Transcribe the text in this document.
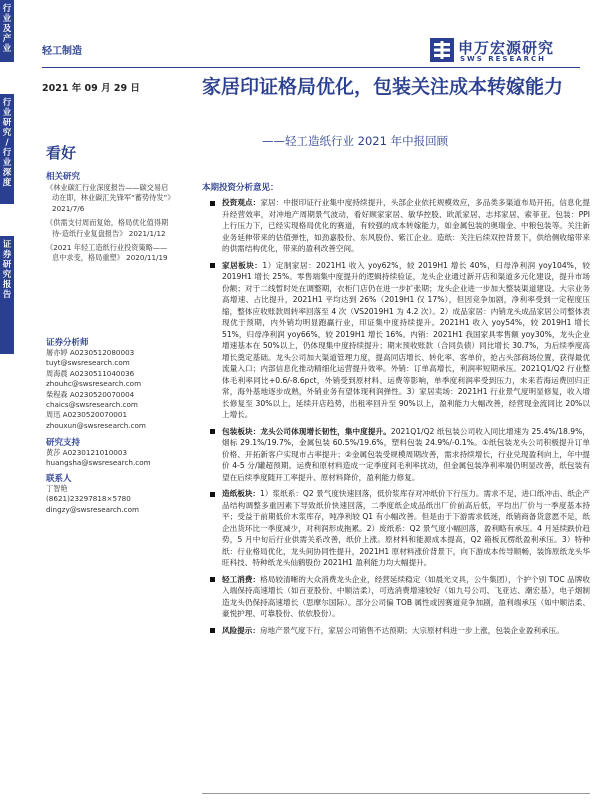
行
业
及
产
业
行
业
研
究
/
行
业
深
度
证
券
研
究
报
告
轻工制造	申万宏源研究
SWS RESEARCH
2021 年 09 月 29 日	家居印证格局优化，包装关注成本转嫁能力
——轻工造纸行业 2021 年中报回顾
看好
相关研究
《林业碳汇行业深度报告——碳交易启
动在即，林业碳汇先锋军“蓄势待发”》
2021/7/6
《供需支付周而复始，格局优化值得期
待-造纸行业复盘报告》 2021/1/12
《2021 年轻工造纸行业投资策略——
息中求变，格局重塑》 2020/11/19
证券分析师
屠亦婷 A0230512080003
tuyt@swsresearch.com
周海晨 A0230511040036
zhouhc@swsresearch.com
柴程森 A0230520070004
chaics@swsresearch.com
周迅 A0230520070001
zhouxun@swsresearch.com
研究支持
黄莎 A0230121010003
huangsha@swsresearch.com
联系人
丁智艳
(8621)23297818×5780
dingzy@swsresearch.com
本期投资分析意见：
投资观点：家居：中报印证行业集中度持续提升，头部企业依托规模效应，多品类多渠道布局开拓，信息化提升经营效率，对冲地产周期景气波动，看好顾家家居、敏华控股、欧派家居、志邦家居、索菲亚。包装：PPI 上行压力下，已经实现格局优化的赛道，有较强的成本转嫁能力，如金属包装的奥瑞金、中粮包装等。关注新业务延伸带来的估值弹性，如劲嘉股份、东风股份、紫江企业。造纸：关注后续双控背景下，供给侧收缩带来的供需结构优化，带来的盈利改善空间。
家居板块：1）定制家居：2021H1 收入 yoy62%，较 2019H1 增长 40%，归母净利润 yoy104%，较 2019H1 增长 25%。零售端集中度提升的逻辑持续验证，龙头企业通过新开店和渠道多元化建设，提升市场份额；对于二线暂时处在调整期，衣柜门店仍在进一步扩张期；龙头企业进一步加大整装渠道建设。大宗业务高增速、占比提升，2021H1 平均达到 26%（2019H1 仅 17%），但因竞争加剧，净利率受到一定程度压缩，整体应收账款周转率回落至 4 次（VS2019H1 为 4.2 次）。2）成品家居：内销龙头成品家居公司整体表现优于预期，内外销均明显跑赢行业，印证集中度持续提升。2021H1 收入 yoy54%，较 2019H1 增长 51%，归母净利润 yoy66%，较 2019H1 增长 16%。内销：2021H1 我国家具零售额 yoy30%，龙头企业增速基本在 50%以上，仍体现集中度持续提升；期末预收账款（合同负债）同比增长 30.7%，为后续季度高增长奠定基础。龙头公司加大渠道管理力度，提高同店增长、转化率、客单价，抢占头部商场位置，获得最优流量入口；内部信息化推动精细化运营提升效率。外销：订单高增长，利润率短期承压。2021Q1/Q2 行业整体毛利率同比+0.6/-8.6pct，外销受到原材料、运费等影响，单季度利润率受到压力，未来若海运费回归正常，海外基地逐步成熟，外销业务有望体现利润弹性。3）家居卖场：2021H1 行业景气度明显修复，收入增长修复至 30%以上，延续开店趋势，出租率回升至 90%以上，盈利能力大幅改善，经营现金流同比 20%以上增长。
包装板块：龙头公司体现增长韧性，集中度提升。2021Q1/Q2 纸包装公司收入同比增速为 25.4%/18.9%，烟标 29.1%/19.7%，金属包装 60.5%/19.6%，塑料包装 24.9%/-0.1%。①纸包装龙头公司积极提升订单价格、开拓新客户实现市占率提升；②金属包装受规模周期改善，需求持续增长，行业兑现盈利向上，年中提价 4-5 分/罐超预期。运费和原材料造成一定季度间毛利率扰动，但金属包装净利率端仍明显改善，纸包装有望在后续季度随开工率提升、原材料降价，盈利能力修复。
造纸板块：1）浆纸系：Q2 景气度快速回落，低价浆库存对冲纸价下行压力。需求不足，进口纸冲击、纸企产品结构调整多重因素下导致纸价快速回落，二季度纸企成品纸出厂价前高后低，平均出厂价与一季度基本持平；受益于前期低价木浆库存，吨净利较 Q1 有小幅改善。但是由于下游需求低迷，纸销商备货意愿不足，纸企出货环比一季度减少，对利润形成拖累。2）废纸系：Q2 景气度小幅回落，盈利略有承压。4 月延续跌价趋势，5 月中旬后行业供需关系改善，纸价上涨。原材料和能源成本提高，Q2 箱板瓦楞纸盈利承压。3）特种纸：行业格局优化，龙头间协同性提升，2021H1 原材料涨价背景下，向下游成本传导顺畅，装饰原纸龙头华旺科技、特种纸龙头仙鹤股份 2021H1 盈利能力均大幅提升。
轻工消费：格局较清晰的大众消费龙头企业，经营延续稳定（如晨光文具，公牛集团），个护个别 TOC 品牌收入端保持高速增长（如百亚股份、中顺洁柔），可选消费增速较好（如九号公司、飞亚达、潮宏基），电子烟制造龙头仍保持高速增长（思摩尔国际）。部分公司偏 TOB 属性或因赛道竞争加剧，盈利端承压（如中顺洁柔、豪悦护理、可靠股份、依依股份）。
风险提示：房地产景气度下行，家居公司销售不达预期；大宗原材料进一步上涨，包装企业盈利承压。
